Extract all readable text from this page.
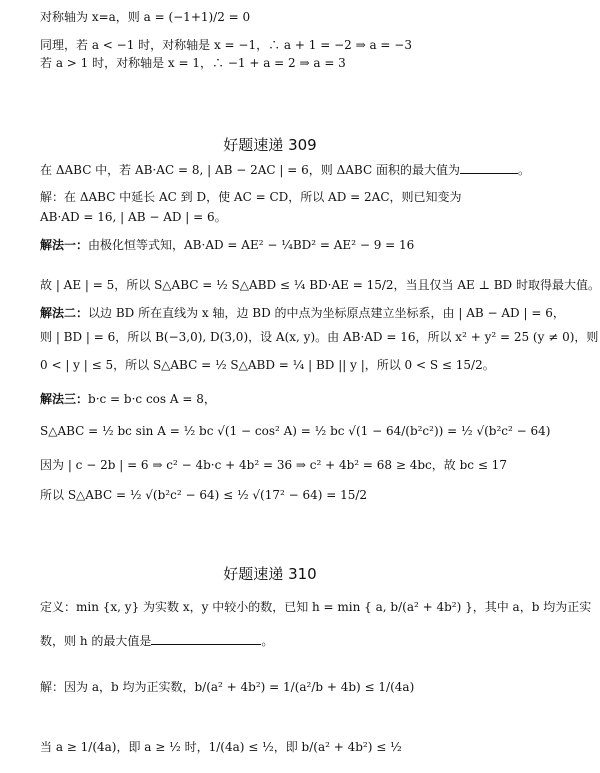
对称轴为 x=a，则 a = (−1+1)/2 = 0
同理，若 a < −1 时，对称轴是 x = −1，∴ a + 1 = −2 ⇒ a = −3
若 a > 1 时，对称轴是 x = 1，∴ −1 + a = 2 ⇒ a = 3
好题速递 309
在 ΔABC 中，若 AB·AC = 8, | AB − 2AC | = 6，则 ΔABC 面积的最大值为	。
解：在 ΔABC 中延长 AC 到 D，使 AC = CD，所以 AD = 2AC，则已知变为
AB·AD = 16, | AB − AD | = 6。
解法一：由极化恒等式知，AB·AD = AE² − ¼BD² = AE² − 9 = 16
故 | AE | = 5，所以 S△ABC = ½ S△ABD ≤ ¼ BD·AE = 15/2，当且仅当 AE ⊥ BD 时取得最大值。
解法二：以边 BD 所在直线为 x 轴，边 BD 的中点为坐标原点建立坐标系，由 | AB − AD | = 6，
则 | BD | = 6，所以 B(−3,0), D(3,0)，设 A(x, y)。由 AB·AD = 16，所以 x² + y² = 25 (y ≠ 0)，则
0 < | y | ≤ 5，所以 S△ABC = ½ S△ABD = ¼ | BD || y |，所以 0 < S ≤ 15/2。
解法三：b·c = b·c cos A = 8，
S△ABC = ½ bc sin A = ½ bc √(1 − cos² A) = ½ bc √(1 − 64/(b²c²)) = ½ √(b²c² − 64)
因为 | c − 2b | = 6 ⇒ c² − 4b·c + 4b² = 36 ⇒ c² + 4b² = 68 ≥ 4bc，故 bc ≤ 17
所以 S△ABC = ½ √(b²c² − 64) ≤ ½ √(17² − 64) = 15/2
好题速递 310
定义：min {x, y} 为实数 x，y 中较小的数，已知 h = min { a, b/(a² + 4b²) }，其中 a，b 均为正实
数，则 h 的最大值是	。
解：因为 a，b 均为正实数，b/(a² + 4b²) = 1/(a²/b + 4b) ≤ 1/(4a)
当 a ≥ 1/(4a)，即 a ≥ ½ 时，1/(4a) ≤ ½，即 b/(a² + 4b²) ≤ ½
